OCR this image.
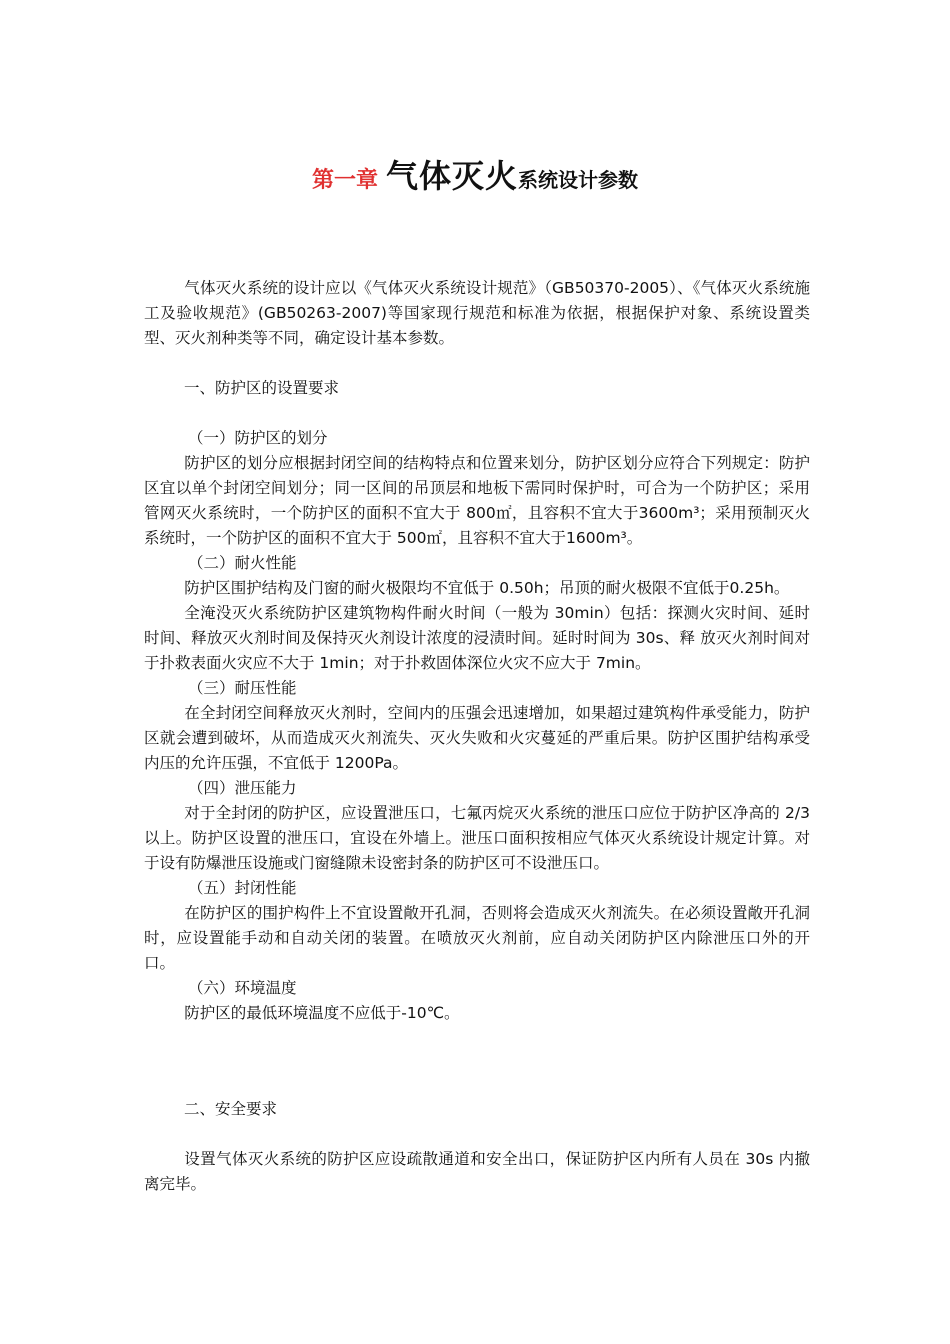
第一章 气体灭火系统设计参数

气体灭火系统的设计应以《气体灭火系统设计规范》（GB50370-2005）、《气体灭火系统施工及验收规范》(GB50263-2007)等国家现行规范和标准为依据，根据保护对象、系统设置类型、灭火剂种类等不同，确定设计基本参数。

一、防护区的设置要求

（一）防护区的划分

防护区的划分应根据封闭空间的结构特点和位置来划分，防护区划分应符合下列规定：防护区宜以单个封闭空间划分；同一区间的吊顶层和地板下需同时保护时，可合为一个防护区；采用管网灭火系统时，一个防护区的面积不宜大于 800㎡，且容积不宜大于3600m³；采用预制灭火系统时，一个防护区的面积不宜大于 500㎡，且容积不宜大于1600m³。

（二）耐火性能

防护区围护结构及门窗的耐火极限均不宜低于 0.50h；吊顶的耐火极限不宜低于0.25h。

全淹没灭火系统防护区建筑物构件耐火时间（一般为 30min）包括：探测火灾时间、延时时间、释放灭火剂时间及保持灭火剂设计浓度的浸渍时间。延时时间为 30s、释 放灭火剂时间对于扑救表面火灾应不大于 1min；对于扑救固体深位火灾不应大于 7min。

（三）耐压性能

在全封闭空间释放灭火剂时，空间内的压强会迅速增加，如果超过建筑构件承受能力，防护区就会遭到破坏，从而造成灭火剂流失、灭火失败和火灾蔓延的严重后果。防护区围护结构承受内压的允许压强，不宜低于 1200Pa。

（四）泄压能力

对于全封闭的防护区，应设置泄压口，七氟丙烷灭火系统的泄压口应位于防护区净高的 2/3 以上。防护区设置的泄压口，宜设在外墙上。泄压口面积按相应气体灭火系统设计规定计算。对于设有防爆泄压设施或门窗缝隙未设密封条的防护区可不设泄压口。

（五）封闭性能

在防护区的围护构件上不宜设置敞开孔洞，否则将会造成灭火剂流失。在必须设置敞开孔洞时，应设置能手动和自动关闭的装置。在喷放灭火剂前，应自动关闭防护区内除泄压口外的开口。

（六）环境温度

防护区的最低环境温度不应低于-10℃。

二、安全要求

设置气体灭火系统的防护区应设疏散通道和安全出口，保证防护区内所有人员在 30s 内撤离完毕。
